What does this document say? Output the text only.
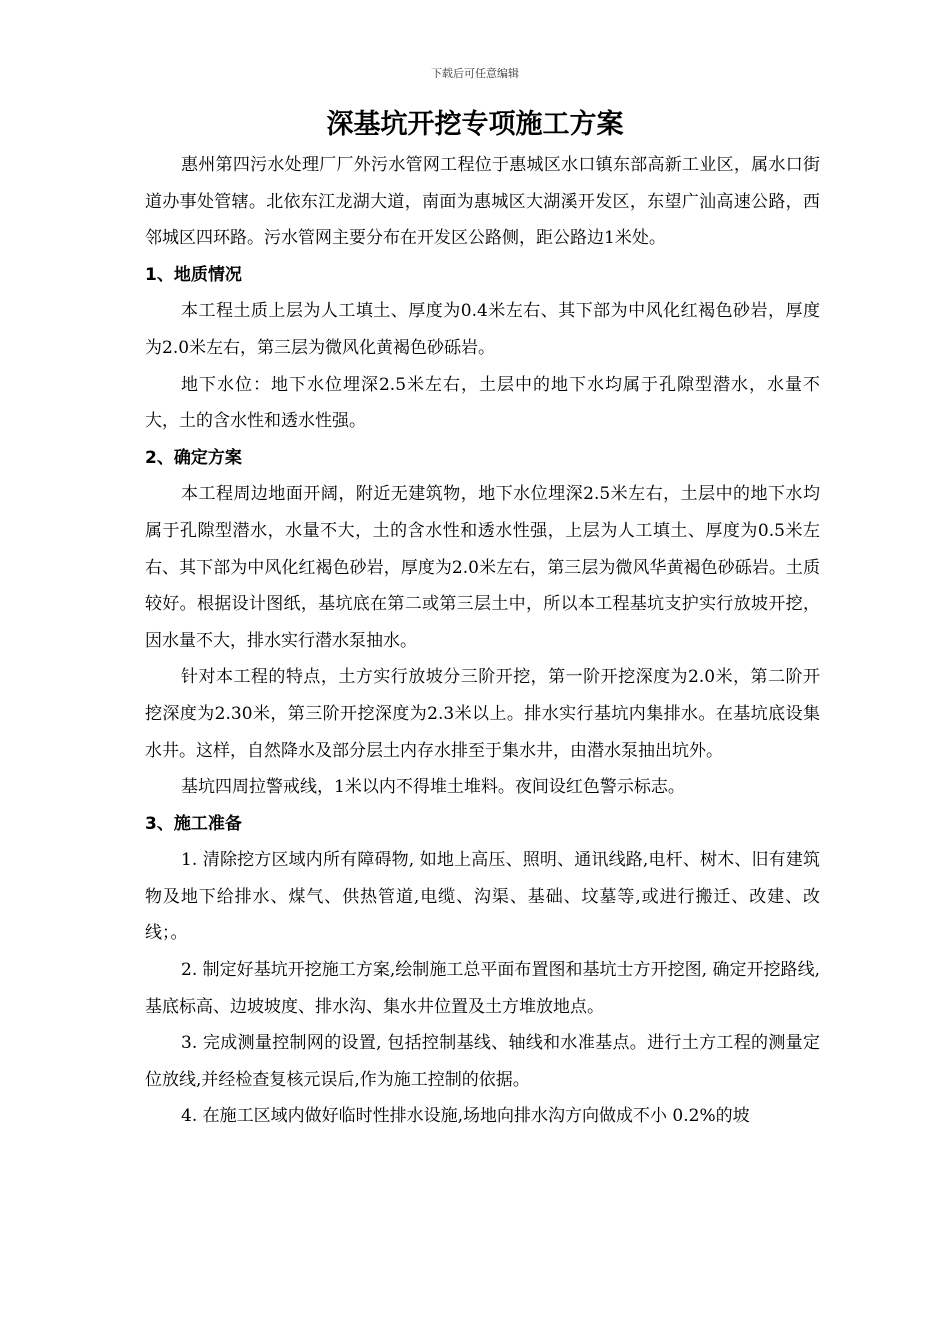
下载后可任意编辑
深基坑开挖专项施工方案

惠州第四污水处理厂厂外污水管网工程位于惠城区水口镇东部高新工业区，属水口街道办事处管辖。北依东江龙湖大道，南面为惠城区大湖溪开发区，东望广汕高速公路，西邻城区四环路。污水管网主要分布在开发区公路侧，距公路边1米处。

1、地质情况

本工程土质上层为人工填土、厚度为0.4米左右、其下部为中风化红褐色砂岩，厚度为2.0米左右，第三层为微风化黄褐色砂砾岩。

地下水位：地下水位埋深2.5米左右，土层中的地下水均属于孔隙型潜水，水量不大，土的含水性和透水性强。

2、确定方案

本工程周边地面开阔，附近无建筑物，地下水位埋深2.5米左右，土层中的地下水均属于孔隙型潜水，水量不大，土的含水性和透水性强，上层为人工填土、厚度为0.5米左右、其下部为中风化红褐色砂岩，厚度为2.0米左右，第三层为微风华黄褐色砂砾岩。土质较好。根据设计图纸，基坑底在第二或第三层土中，所以本工程基坑支护实行放坡开挖，因水量不大，排水实行潜水泵抽水。

针对本工程的特点，土方实行放坡分三阶开挖，第一阶开挖深度为2.0米，第二阶开挖深度为2.30米，第三阶开挖深度为2.3米以上。排水实行基坑内集排水。在基坑底设集水井。这样，自然降水及部分层土内存水排至于集水井，由潜水泵抽出坑外。

基坑四周拉警戒线，1米以内不得堆土堆料。夜间设红色警示标志。

3、施工准备

1. 清除挖方区域内所有障碍物, 如地上高压、照明、通讯线路,电杆、树木、旧有建筑物及地下给排水、煤气、供热管道,电缆、沟渠、基础、坟墓等,或进行搬迁、改建、改线；。

2. 制定好基坑开挖施工方案,绘制施工总平面布置图和基坑士方开挖图, 确定开挖路线,基底标高、边坡坡度、排水沟、集水井位置及土方堆放地点。

3. 完成测量控制网的设置, 包括控制基线、轴线和水准基点。进行土方工程的测量定位放线,并经检查复核元误后,作为施工控制的依据。

4. 在施工区域内做好临时性排水设施,场地向排水沟方向做成不小 0.2%的坡
